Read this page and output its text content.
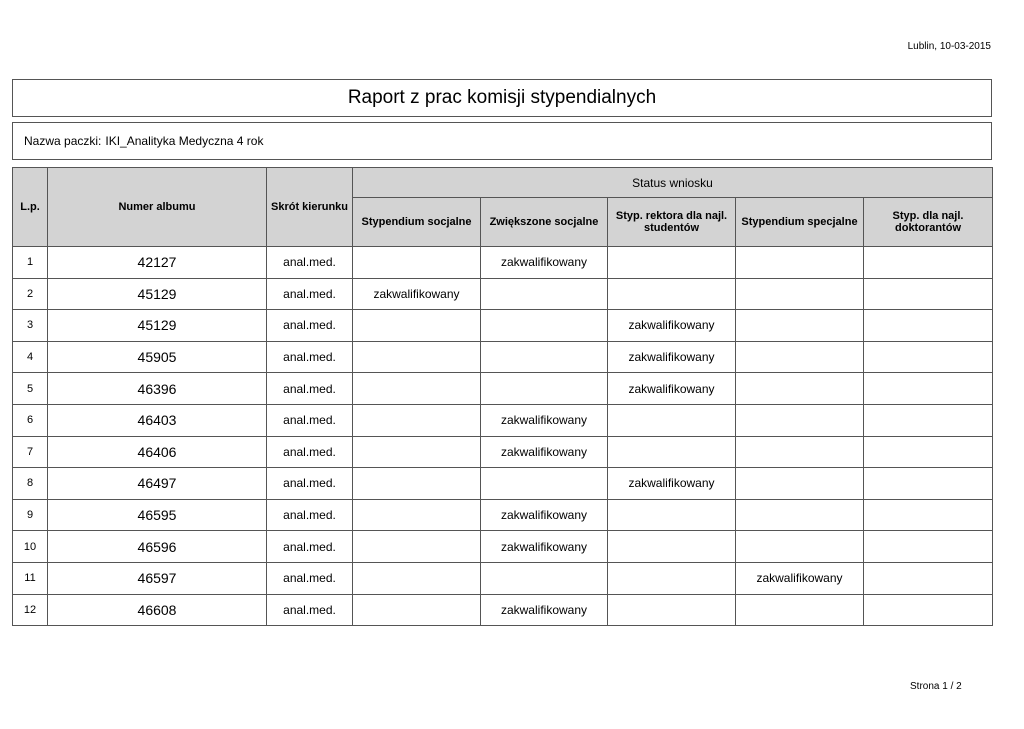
Lublin, 10-03-2015
Raport z prac komisji stypendialnych
Nazwa paczki: IKI_Analityka Medyczna 4 rok
L.p.	Numer albumu	Skrót kierunku	Status wniosku				
			Stypendium socjalne	Zwiększone socjalne	Styp. rektora dla najl. studentów	Stypendium specjalne	Styp. dla najl. doktorantów
1	42127	anal.med.		zakwalifikowany			
2	45129	anal.med.	zakwalifikowany				
3	45129	anal.med.			zakwalifikowany		
4	45905	anal.med.			zakwalifikowany		
5	46396	anal.med.			zakwalifikowany		
6	46403	anal.med.		zakwalifikowany			
7	46406	anal.med.		zakwalifikowany			
8	46497	anal.med.			zakwalifikowany		
9	46595	anal.med.		zakwalifikowany			
10	46596	anal.med.		zakwalifikowany			
11	46597	anal.med.				zakwalifikowany	
12	46608	anal.med.		zakwalifikowany			
Strona 1 / 2
